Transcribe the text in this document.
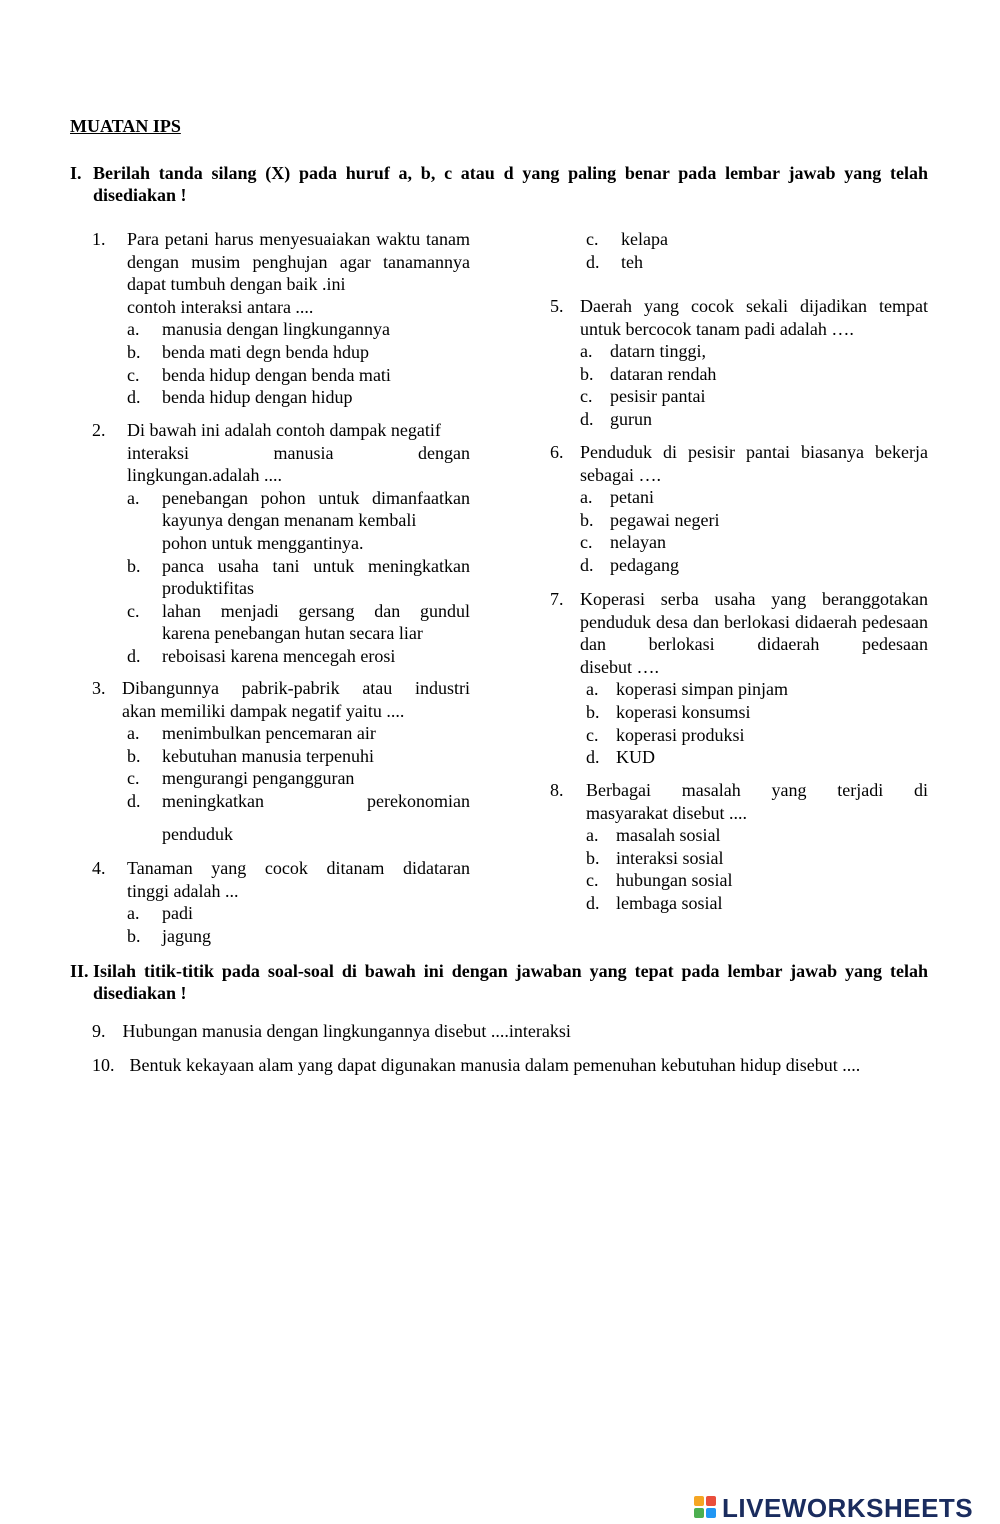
MUATAN IPS
I. Berilah tanda silang (X) pada huruf a, b, c atau d yang paling benar pada lembar jawab yang telah disediakan !
1. Para petani harus menyesuaiakan waktu tanam dengan musim penghujan agar tanamannya dapat tumbuh dengan baik .ini
contoh interaksi antara ....
a. manusia dengan lingkungannya
b. benda mati degn benda hdup
c. benda hidup dengan benda mati
d. benda hidup dengan hidup
2. Di bawah ini adalah contoh dampak negatif
interaksi manusia dengan
lingkungan.adalah ....
a. penebangan pohon untuk dimanfaatkan kayunya dengan menanam kembali
pohon untuk menggantinya.
b. panca usaha tani untuk meningkatkan
produktifitas
c. lahan menjadi gersang dan gundul
karena penebangan hutan secara liar
d. reboisasi karena mencegah erosi
3. Dibangunnya pabrik-pabrik atau industri
akan memiliki dampak negatif yaitu ....
a. menimbulkan pencemaran air
b. kebutuhan manusia terpenuhi
c. mengurangi pengangguran
d. meningkatkan perekonomian
penduduk
4. Tanaman yang cocok ditanam didataran
tinggi adalah ...
a. padi
b. jagung
c. kelapa
d. teh
5. Daerah yang cocok sekali dijadikan tempat
untuk bercocok tanam padi adalah ….
a. datarn tinggi,
b. dataran rendah
c. pesisir pantai
d. gurun
6. Penduduk di pesisir pantai biasanya bekerja
sebagai ….
a. petani
b. pegawai negeri
c. nelayan
d. pedagang
7. Koperasi serba usaha yang beranggotakan penduduk desa dan berlokasi didaerah pedesaan dan berlokasi didaerah pedesaan
disebut ….
a. koperasi simpan pinjam
b. koperasi konsumsi
c. koperasi produksi
d. KUD
8. Berbagai masalah yang terjadi di
masyarakat disebut ....
a. masalah sosial
b. interaksi sosial
c. hubungan sosial
d. lembaga sosial
II. Isilah titik-titik pada soal-soal di bawah ini dengan jawaban yang tepat pada lembar jawab yang telah disediakan !
9. Hubungan manusia dengan lingkungannya disebut ....interaksi
10. Bentuk kekayaan alam yang dapat digunakan manusia dalam pemenuhan kebutuhan hidup disebut ....
LIVEWORKSHEETS
